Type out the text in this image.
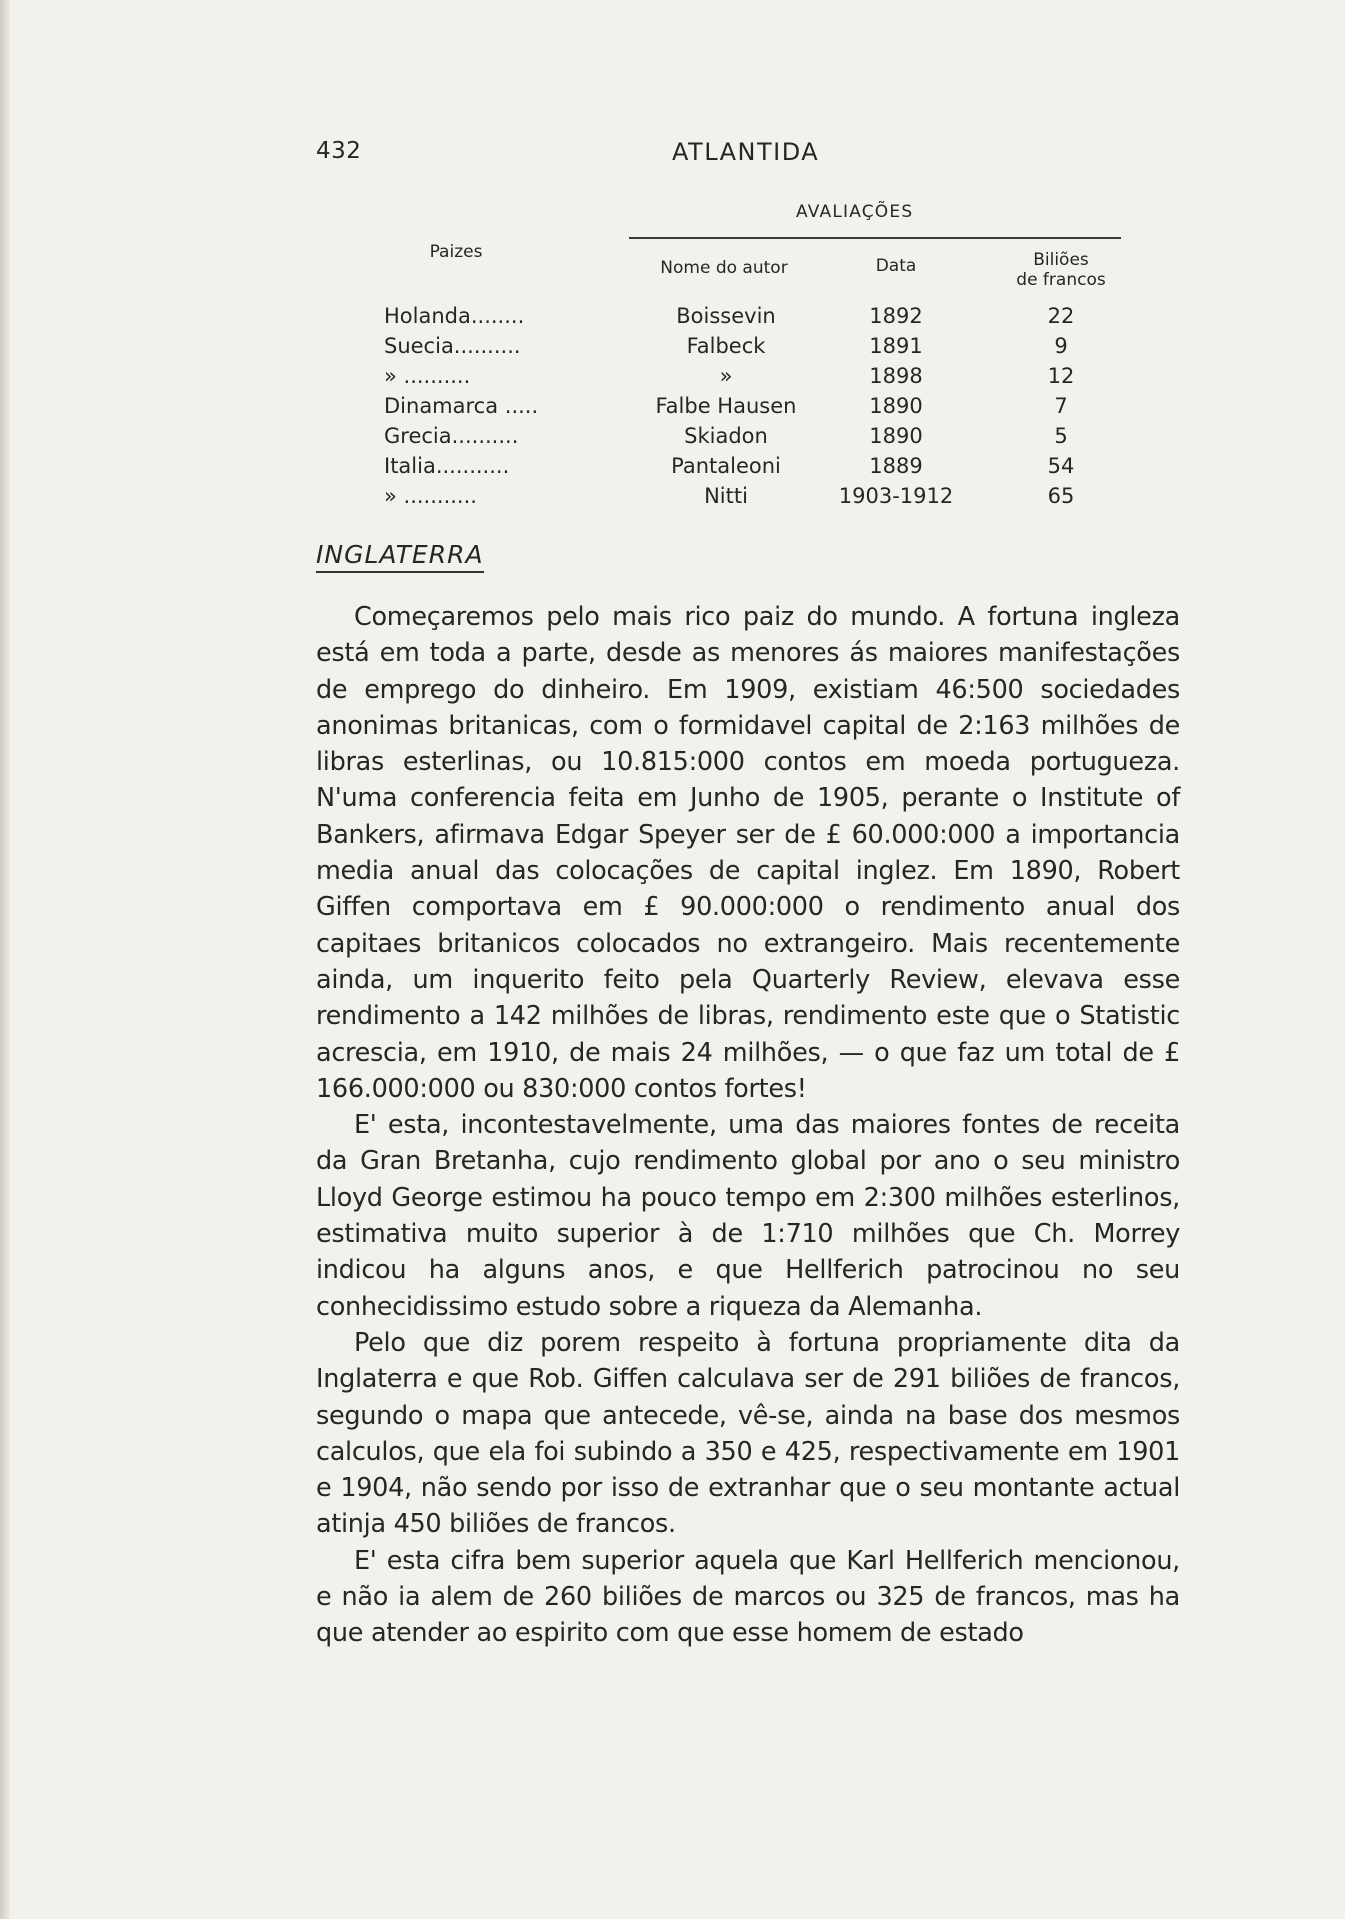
432	ATLANTIDA
AVALIAÇÕES
Paizes
Nome do autor	Data	Biliões
de francos
Holanda........	Boissevin	1892	22
Suecia..........	Falbeck	1891	9
» ..........	»	1898	12
Dinamarca .....	Falbe Hausen	1890	7
Grecia..........	Skiadon	1890	5
Italia...........	Pantaleoni	1889	54
» ...........	Nitti	1903-1912	65
INGLATERRA

Começaremos pelo mais rico paiz do mundo. A fortuna ingleza está em toda a parte, desde as menores ás maiores manifestações de emprego do dinheiro. Em 1909, existiam 46:500 sociedades anonimas britanicas, com o formidavel capital de 2:163 milhões de libras esterlinas, ou 10.815:000 contos em moeda portugueza. N'uma conferencia feita em Junho de 1905, perante o Institute of Bankers, afirmava Edgar Speyer ser de £ 60.000:000 a importancia media anual das colocações de capital inglez. Em 1890, Robert Giffen comportava em £ 90.000:000 o rendimento anual dos capitaes britanicos colocados no extrangeiro. Mais recentemente ainda, um inquerito feito pela Quarterly Review, elevava esse rendimento a 142 milhões de libras, rendimento este que o Statistic acrescia, em 1910, de mais 24 milhões, — o que faz um total de £ 166.000:000 ou 830:000 contos fortes!

E' esta, incontestavelmente, uma das maiores fontes de receita da Gran Bretanha, cujo rendimento global por ano o seu ministro Lloyd George estimou ha pouco tempo em 2:300 milhões esterlinos, estimativa muito superior à de 1:710 milhões que Ch. Morrey indicou ha alguns anos, e que Hellferich patrocinou no seu conhecidissimo estudo sobre a riqueza da Alemanha.

Pelo que diz porem respeito à fortuna propriamente dita da Inglaterra e que Rob. Giffen calculava ser de 291 biliões de francos, segundo o mapa que antecede, vê-se, ainda na base dos mesmos calculos, que ela foi subindo a 350 e 425, respectivamente em 1901 e 1904, não sendo por isso de extranhar que o seu montante actual atinja 450 biliões de francos.

E' esta cifra bem superior aquela que Karl Hellferich mencionou, e não ia alem de 260 biliões de marcos ou 325 de francos, mas ha que atender ao espirito com que esse homem de estado
